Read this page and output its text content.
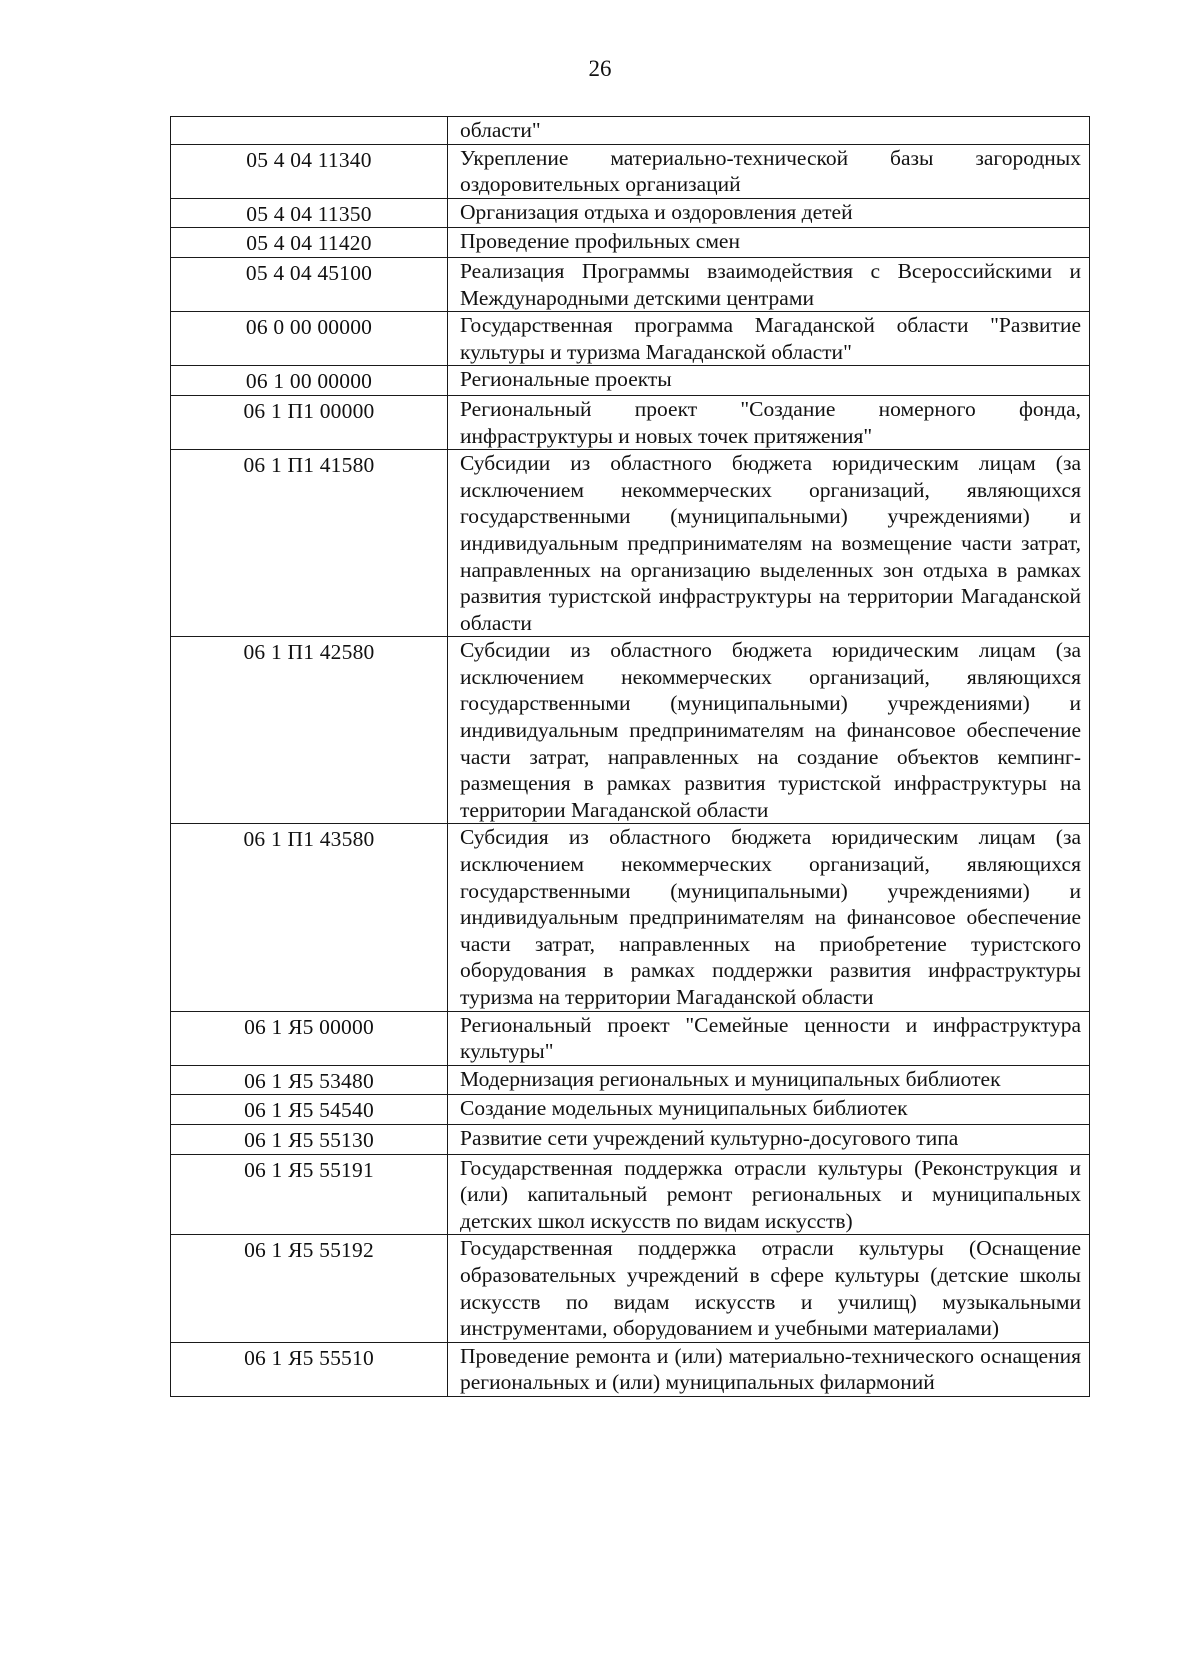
26
	области"
05 4 04 11340	Укрепление материально-технической базы загородных оздоровительных организаций
05 4 04 11350	Организация отдыха и оздоровления детей
05 4 04 11420	Проведение профильных смен
05 4 04 45100	Реализация Программы взаимодействия с Всероссийскими и Международными детскими центрами
06 0 00 00000	Государственная программа Магаданской области "Развитие культуры и туризма Магаданской области"
06 1 00 00000	Региональные проекты
06 1 П1 00000	Региональный проект "Создание номерного фонда, инфраструктуры и новых точек притяжения"
06 1 П1 41580	Субсидии из областного бюджета юридическим лицам (за исключением некоммерческих организаций, являющихся государственными (муниципальными) учреждениями) и индивидуальным предпринимателям на возмещение части затрат, направленных на организацию выделенных зон отдыха в рамках развития туристской инфраструктуры на территории Магаданской области
06 1 П1 42580	Субсидии из областного бюджета юридическим лицам (за исключением некоммерческих организаций, являющихся государственными (муниципальными) учреждениями) и индивидуальным предпринимателям на финансовое обеспечение части затрат, направленных на создание объектов кемпинг-размещения в рамках развития туристской инфраструктуры на территории Магаданской области
06 1 П1 43580	Субсидия из областного бюджета юридическим лицам (за исключением некоммерческих организаций, являющихся государственными (муниципальными) учреждениями) и индивидуальным предпринимателям на финансовое обеспечение части затрат, направленных на приобретение туристского оборудования в рамках поддержки развития инфраструктуры туризма на территории Магаданской области
06 1 Я5 00000	Региональный проект "Семейные ценности и инфраструктура культуры"
06 1 Я5 53480	Модернизация региональных и муниципальных библиотек
06 1 Я5 54540	Создание модельных муниципальных библиотек
06 1 Я5 55130	Развитие сети учреждений культурно-досугового типа
06 1 Я5 55191	Государственная поддержка отрасли культуры (Реконструкция и (или) капитальный ремонт региональных и муниципальных детских школ искусств по видам искусств)
06 1 Я5 55192	Государственная поддержка отрасли культуры (Оснащение образовательных учреждений в сфере культуры (детские школы искусств по видам искусств и училищ) музыкальными инструментами, оборудованием и учебными материалами)
06 1 Я5 55510	Проведение ремонта и (или) материально-технического оснащения региональных и (или) муниципальных филармоний
